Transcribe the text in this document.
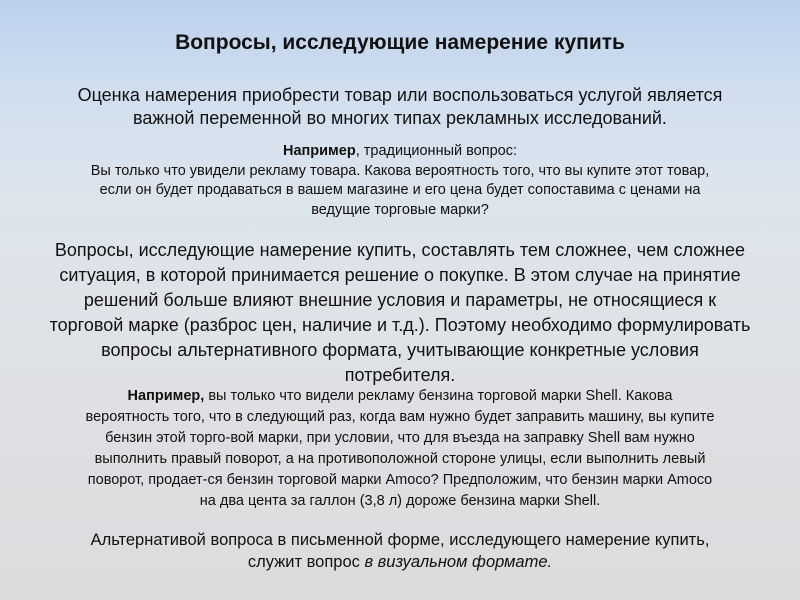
Вопросы, исследующие намерение купить
Оценка намерения приобрести товар или воспользоваться услугой является
важной переменной во многих типах рекламных исследований.
Например, традиционный вопрос:
Вы только что увидели рекламу товара. Какова вероятность того, что вы купите этот товар,
если он будет продаваться в вашем магазине и его цена будет сопоставима с ценами на
ведущие торговые марки?
Вопросы, исследующие намерение купить, составлять тем сложнее, чем сложнее
ситуация, в которой принимается решение о покупке. В этом случае на принятие
решений больше влияют внешние условия и параметры, не относящиеся к
торговой марке (разброс цен, наличие и т.д.). Поэтому необходимо формулировать
вопросы альтернативного формата, учитывающие конкретные условия
потребителя.
Например, вы только что видели рекламу бензина торговой марки Shell. Какова
вероятность того, что в следующий раз, когда вам нужно будет заправить машину, вы купите
бензин этой торго-вой марки, при условии, что для въезда на заправку Shell вам нужно
выполнить правый поворот, а на противоположной стороне улицы, если выполнить левый
поворот, продает-ся бензин торговой марки Amoco? Предположим, что бензин марки Amoco
на два цента за галлон (3,8 л) дороже бензина марки Shell.
Альтернативой вопроса в письменной форме, исследующего намерение купить,
служит вопрос в визуальном формате.
